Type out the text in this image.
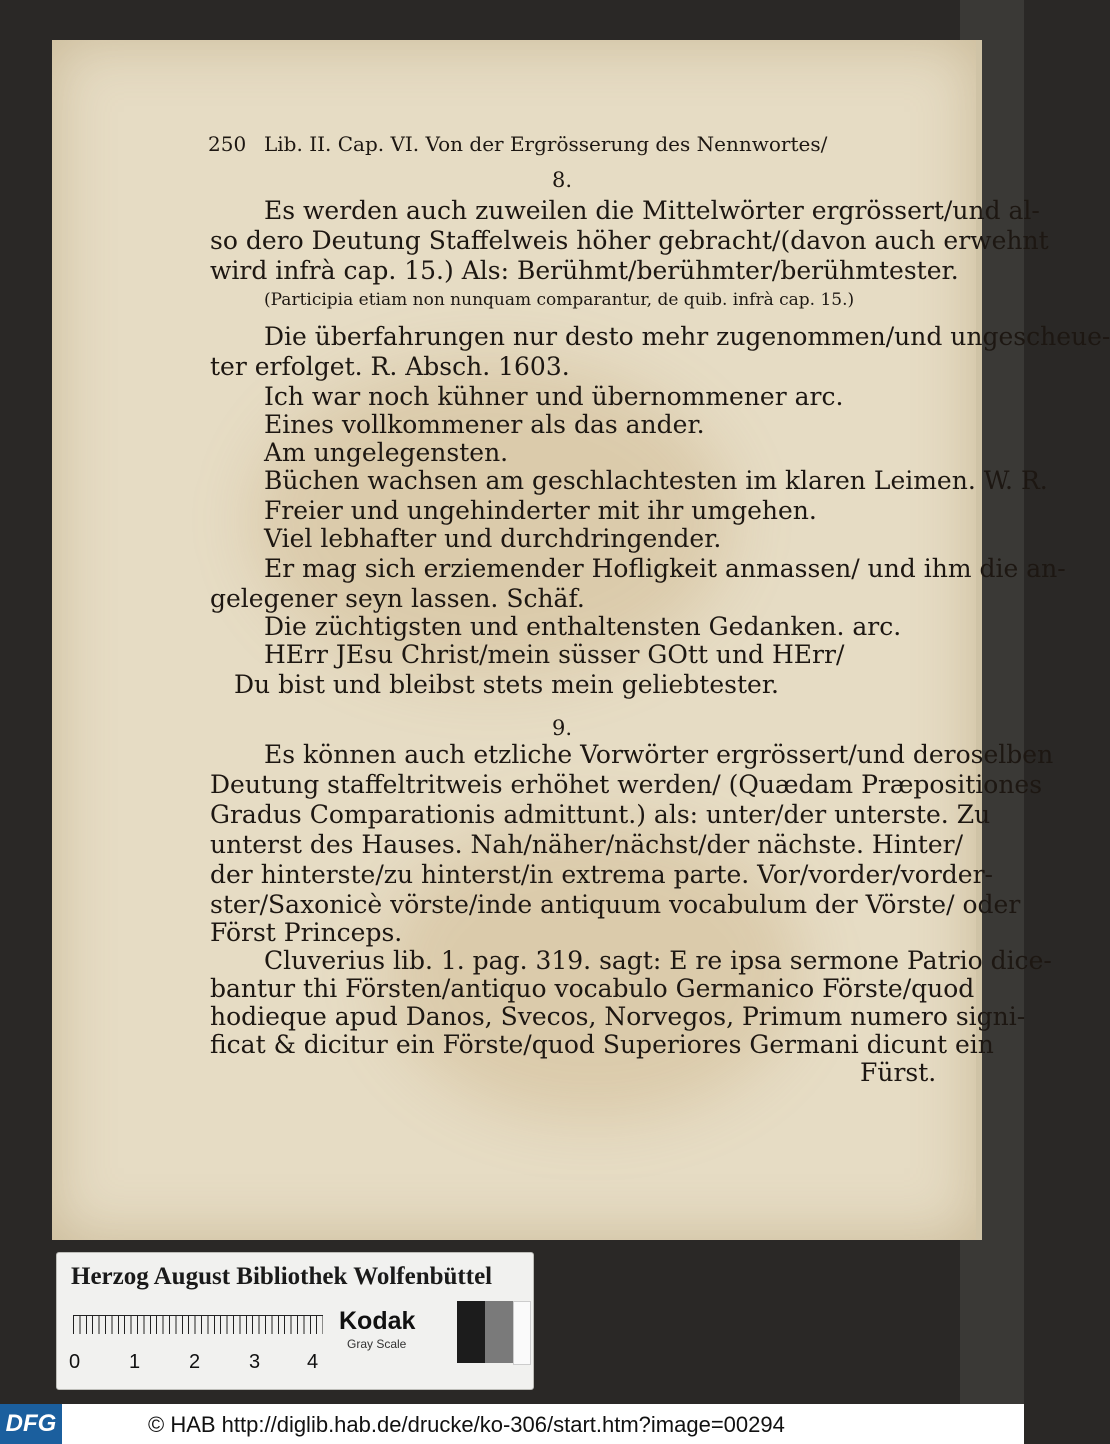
250 Lib. II. Cap. VI. Von der Ergrösserung des Nennwortes/
8.
Es werden auch zuweilen die Mittelwörter ergrössert/und al-
so dero Deutung Staffelweis höher gebracht/(davon auch erwehnt
wird infrà cap. 15.) Als: Berühmt/berühmter/berühmtester.
(Participia etiam non nunquam comparantur, de quib. infrà cap. 15.)
Die überfahrungen nur desto mehr zugenommen/und ungescheue-
ter erfolget. R. Absch. 1603.
Ich war noch kühner und übernommener arc.
Eines vollkommener als das ander.
Am ungelegensten.
Büchen wachsen am geschlachtesten im klaren Leimen. W. R.
Freier und ungehinderter mit ihr umgehen.
Viel lebhafter und durchdringender.
Er mag sich erziemender Hofligkeit anmassen/ und ihm die an-
gelegener seyn lassen. Schäf.
Die züchtigsten und enthaltensten Gedanken. arc.
HErr JEsu Christ/mein süsser GOtt und HErr/
Du bist und bleibst stets mein geliebtester.
9.
Es können auch etzliche Vorwörter ergrössert/und deroselben
Deutung staffeltritweis erhöhet werden/ (Quædam Præpositiones
Gradus Comparationis admittunt.) als: unter/der unterste. Zu
unterst des Hauses. Nah/näher/nächst/der nächste. Hinter/
der hinterste/zu hinterst/in extrema parte. Vor/vorder/vorder-
ster/Saxonicè vörste/inde antiquum vocabulum der Vörste/ oder
Först Princeps.
Cluverius lib. 1. pag. 319. sagt: E re ipsa sermone Patrio dice-
bantur thi Försten/antiquo vocabulo Germanico Förste/quod
hodieque apud Danos, Svecos, Norvegos, Primum numero signi-
ficat & dicitur ein Förste/quod Superiores Germani dicunt ein
Fürst.
Herzog August Bibliothek Wolfenbüttel
0 1 2 3 4
Kodak
Gray Scale
DFG	© HAB http://diglib.hab.de/drucke/ko-306/start.htm?image=00294
